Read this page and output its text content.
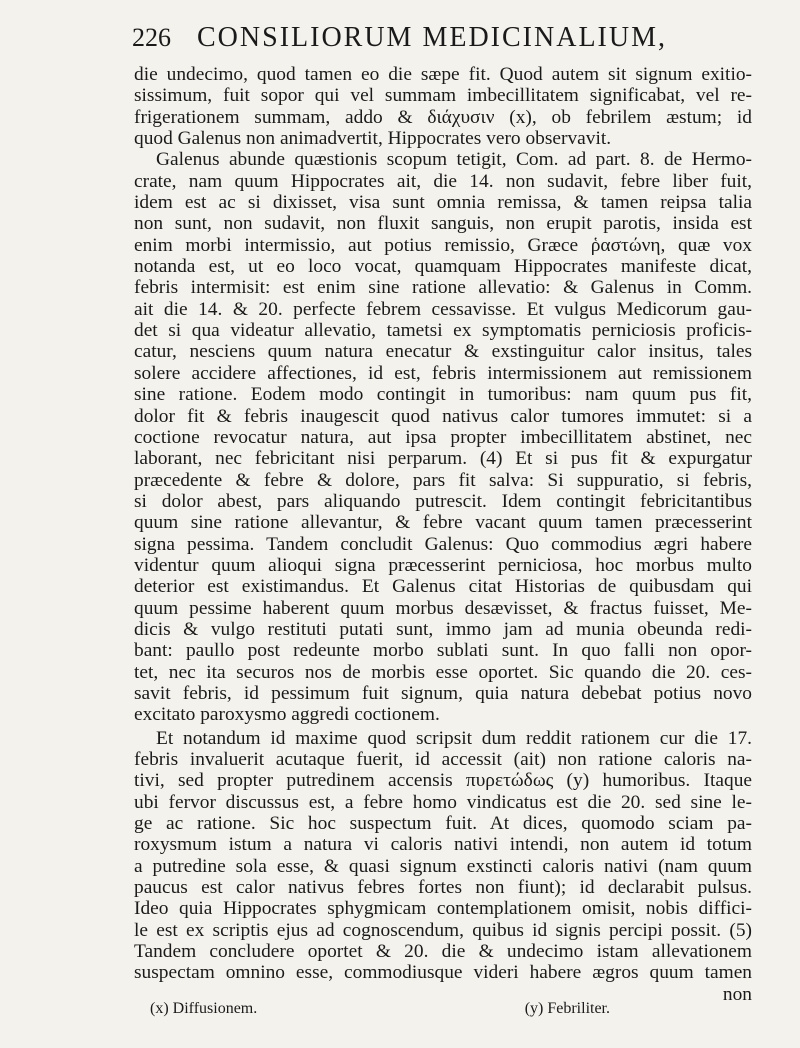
226 CONSILIORUM MEDICINALIUM,
die undecimo, quod tamen eo die sæpe fit. Quod autem sit signum exitio-
sissimum, fuit sopor qui vel summam imbecillitatem significabat, vel re-
frigerationem summam, addo & διάχυσιν (x), ob febrilem æstum; id
quod Galenus non animadvertit, Hippocrates vero observavit.
Galenus abunde quæstionis scopum tetigit, Com. ad part. 8. de Hermo-
crate, nam quum Hippocrates ait, die 14. non sudavit, febre liber fuit,
idem est ac si dixisset, visa sunt omnia remissa, & tamen reipsa talia
non sunt, non sudavit, non fluxit sanguis, non erupit parotis, insida est
enim morbi intermissio, aut potius remissio, Græce ῥαστώνη, quæ vox
notanda est, ut eo loco vocat, quamquam Hippocrates manifeste dicat,
febris intermisit: est enim sine ratione allevatio: & Galenus in Comm.
ait die 14. & 20. perfecte febrem cessavisse. Et vulgus Medicorum gau-
det si qua videatur allevatio, tametsi ex symptomatis perniciosis proficis-
catur, nesciens quum natura enecatur & exstinguitur calor insitus, tales
solere accidere affectiones, id est, febris intermissionem aut remissionem
sine ratione. Eodem modo contingit in tumoribus: nam quum pus fit,
dolor fit & febris inaugescit quod nativus calor tumores immutet: si a
coctione revocatur natura, aut ipsa propter imbecillitatem abstinet, nec
laborant, nec febricitant nisi perparum. (4) Et si pus fit & expurgatur
præcedente & febre & dolore, pars fit salva: Si suppuratio, si febris,
si dolor abest, pars aliquando putrescit. Idem contingit febricitantibus
quum sine ratione allevantur, & febre vacant quum tamen præcesserint
signa pessima. Tandem concludit Galenus: Quo commodius ægri habere
videntur quum alioqui signa præcesserint perniciosa, hoc morbus multo
deterior est existimandus. Et Galenus citat Historias de quibusdam qui
quum pessime haberent quum morbus desævisset, & fractus fuisset, Me-
dicis & vulgo restituti putati sunt, immo jam ad munia obeunda redi-
bant: paullo post redeunte morbo sublati sunt. In quo falli non opor-
tet, nec ita securos nos de morbis esse oportet. Sic quando die 20. ces-
savit febris, id pessimum fuit signum, quia natura debebat potius novo
excitato paroxysmo aggredi coctionem.
Et notandum id maxime quod scripsit dum reddit rationem cur die 17.
febris invaluerit acutaque fuerit, id accessit (ait) non ratione caloris na-
tivi, sed propter putredinem accensis πυρετώδως (y) humoribus. Itaque
ubi fervor discussus est, a febre homo vindicatus est die 20. sed sine le-
ge ac ratione. Sic hoc suspectum fuit. At dices, quomodo sciam pa-
roxysmum istum a natura vi caloris nativi intendi, non autem id totum
a putredine sola esse, & quasi signum exstincti caloris nativi (nam quum
paucus est calor nativus febres fortes non fiunt); id declarabit pulsus.
Ideo quia Hippocrates sphygmicam contemplationem omisit, nobis diffici-
le est ex scriptis ejus ad cognoscendum, quibus id signis percipi possit. (5)
Tandem concludere oportet & 20. die & undecimo istam allevationem
suspectam omnino esse, commodiusque videri habere ægros quum tamen
non
(x) Diffusionem.	(y) Febriliter.
